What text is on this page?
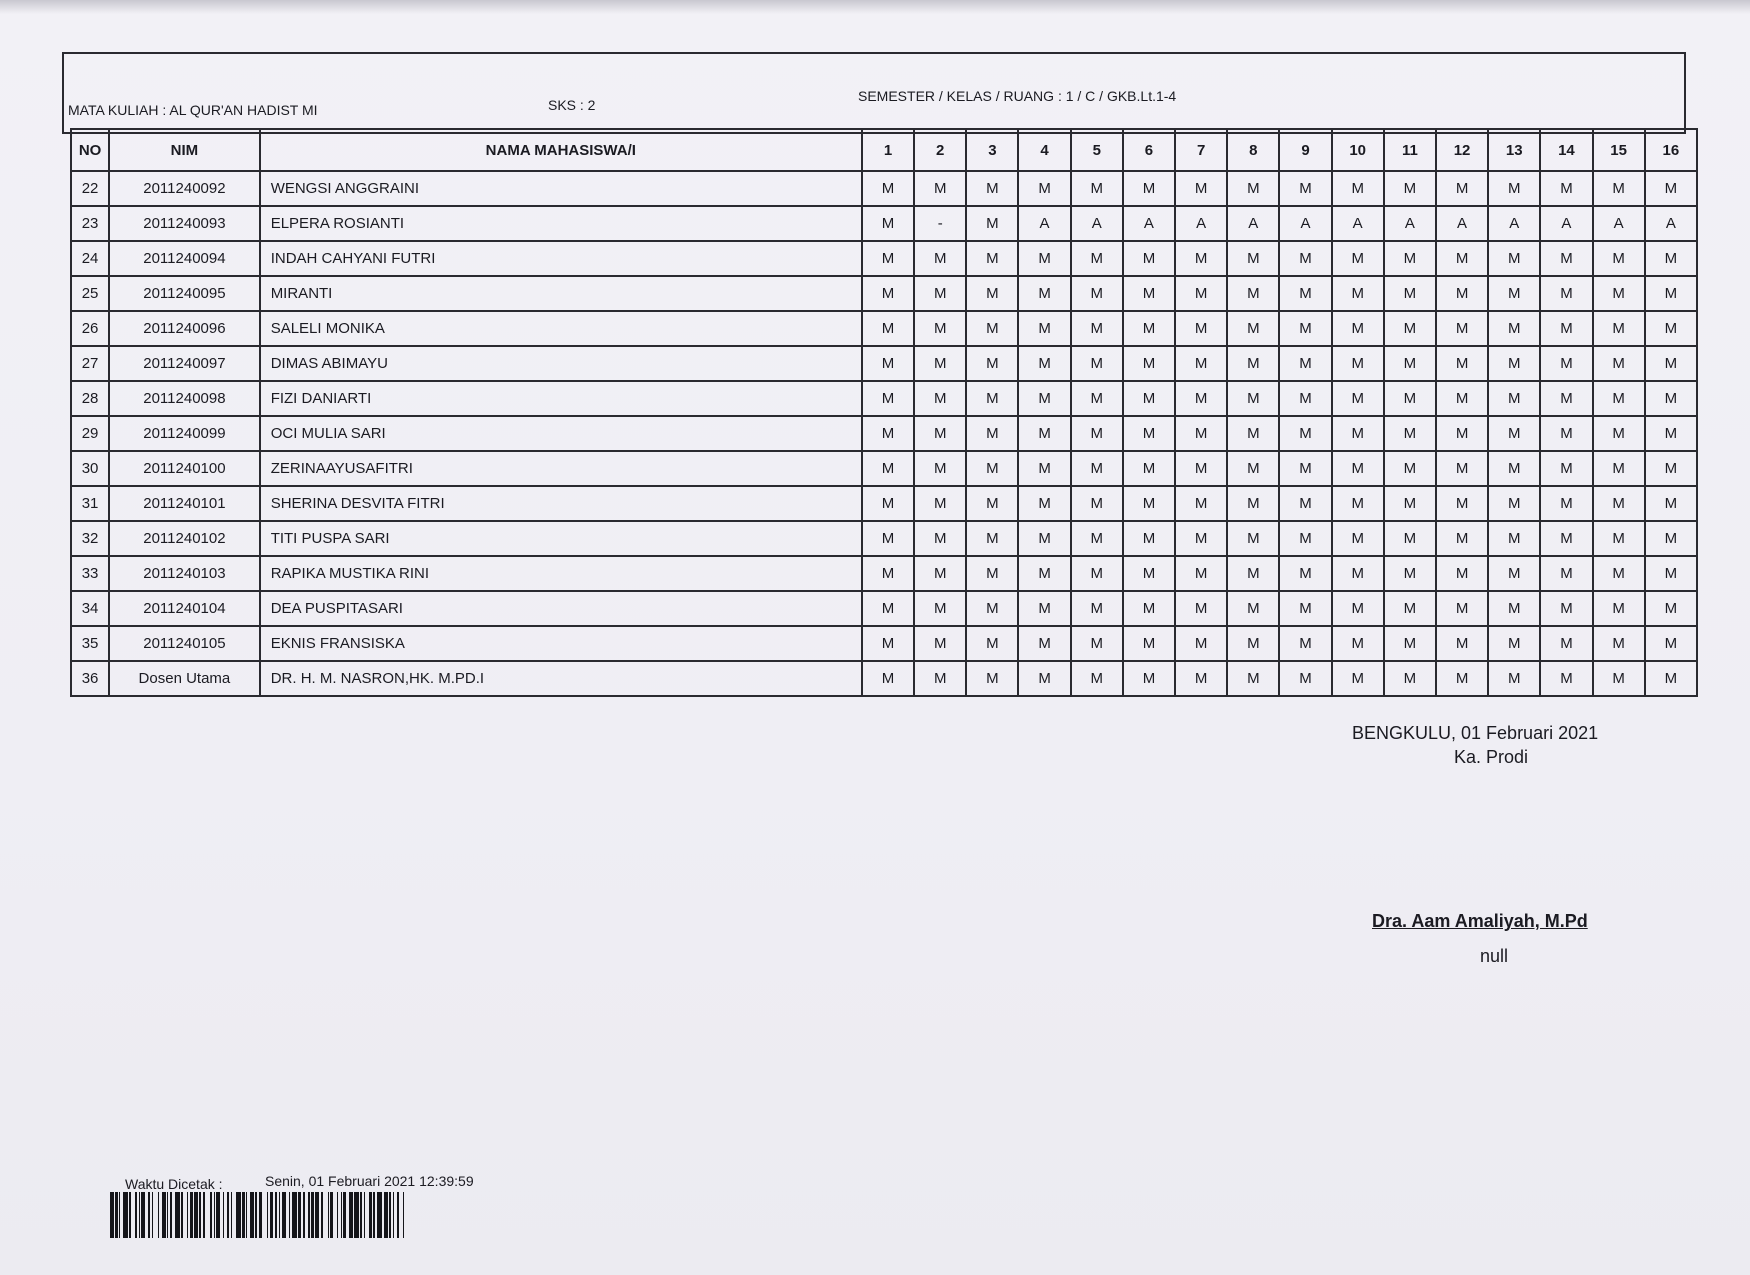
MATA KULIAH : AL QUR'AN HADIST MI	SKS : 2
SEMESTER / KELAS / RUANG : 1 / C / GKB.Lt.1-4
NO	NIM	NAMA MAHASISWA/I	1	2	3	4	5	6	7	8	9	10	11	12	13	14	15	16
22	2011240092	WENGSI ANGGRAINI	M	M	M	M	M	M	M	M	M	M	M	M	M	M	M	M
23	2011240093	ELPERA ROSIANTI	M	-	M	A	A	A	A	A	A	A	A	A	A	A	A	A
24	2011240094	INDAH CAHYANI FUTRI	M	M	M	M	M	M	M	M	M	M	M	M	M	M	M	M
25	2011240095	MIRANTI	M	M	M	M	M	M	M	M	M	M	M	M	M	M	M	M
26	2011240096	SALELI MONIKA	M	M	M	M	M	M	M	M	M	M	M	M	M	M	M	M
27	2011240097	DIMAS ABIMAYU	M	M	M	M	M	M	M	M	M	M	M	M	M	M	M	M
28	2011240098	FIZI DANIARTI	M	M	M	M	M	M	M	M	M	M	M	M	M	M	M	M
29	2011240099	OCI MULIA SARI	M	M	M	M	M	M	M	M	M	M	M	M	M	M	M	M
30	2011240100	ZERINAAYUSAFITRI	M	M	M	M	M	M	M	M	M	M	M	M	M	M	M	M
31	2011240101	SHERINA DESVITA FITRI	M	M	M	M	M	M	M	M	M	M	M	M	M	M	M	M
32	2011240102	TITI PUSPA SARI	M	M	M	M	M	M	M	M	M	M	M	M	M	M	M	M
33	2011240103	RAPIKA MUSTIKA RINI	M	M	M	M	M	M	M	M	M	M	M	M	M	M	M	M
34	2011240104	DEA PUSPITASARI	M	M	M	M	M	M	M	M	M	M	M	M	M	M	M	M
35	2011240105	EKNIS FRANSISKA	M	M	M	M	M	M	M	M	M	M	M	M	M	M	M	M
36	Dosen Utama	DR. H. M. NASRON,HK. M.PD.I	M	M	M	M	M	M	M	M	M	M	M	M	M	M	M	M
BENGKULU, 01 Februari 2021
Ka. Prodi
Dra. Aam Amaliyah, M.Pd
null
Waktu Dicetak :	Senin, 01 Februari 2021 12:39:59
